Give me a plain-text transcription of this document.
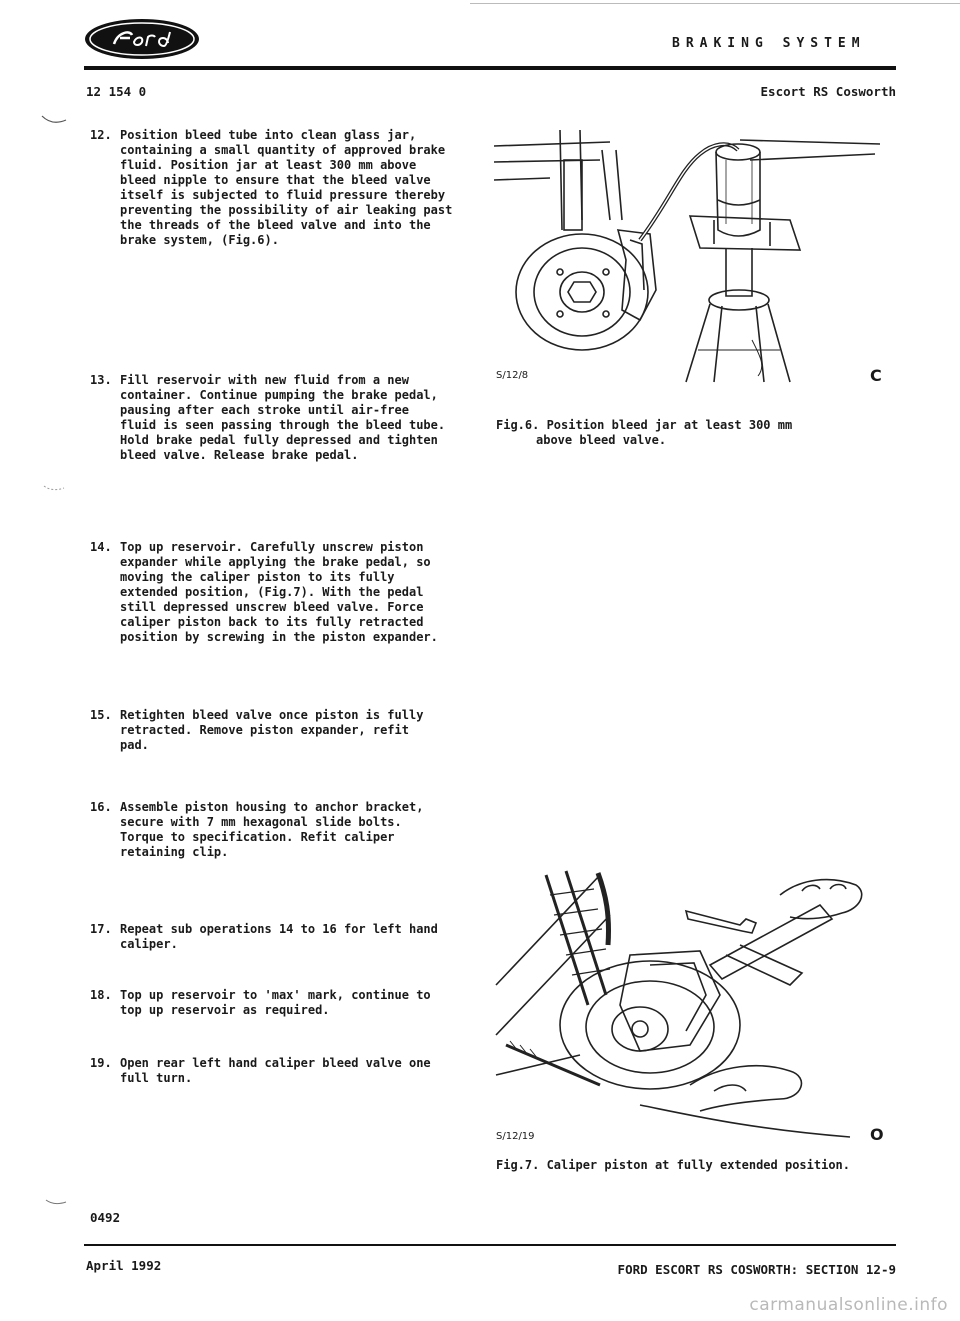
BRAKING SYSTEM
12 154 0	Escort RS Cosworth
12. Position bleed tube into clean glass jar,
containing a small quantity of approved brake
fluid. Position jar at least 300 mm above
bleed nipple to ensure that the bleed valve
itself is subjected to fluid pressure thereby
preventing the possibility of air leaking past
the threads of the bleed valve and into the
brake system, (Fig.6).
13. Fill reservoir with new fluid from a new
container. Continue pumping the brake pedal,
pausing after each stroke until air-free
fluid is seen passing through the bleed tube.
Hold brake pedal fully depressed and tighten
bleed valve. Release brake pedal.
14. Top up reservoir. Carefully unscrew piston
expander while applying the brake pedal, so
moving the caliper piston to its fully
extended position, (Fig.7). With the pedal
still depressed unscrew bleed valve. Force
caliper piston back to its fully retracted
position by screwing in the piston expander.
15. Retighten bleed valve once piston is fully
retracted. Remove piston expander, refit
pad.
16. Assemble piston housing to anchor bracket,
secure with 7 mm hexagonal slide bolts.
Torque to specification. Refit caliper
retaining clip.
17. Repeat sub operations 14 to 16 for left hand
caliper.
18. Top up reservoir to 'max' mark, continue to
top up reservoir as required.
19. Open rear left hand caliper bleed valve one
full turn.
S/12/8	C
Fig.6. Position bleed jar at least 300 mm
above bleed valve.
S/12/19	O
Fig.7. Caliper piston at fully extended position.
0492
April 1992	FORD ESCORT RS COSWORTH: SECTION 12-9
carmanualsonline.info
